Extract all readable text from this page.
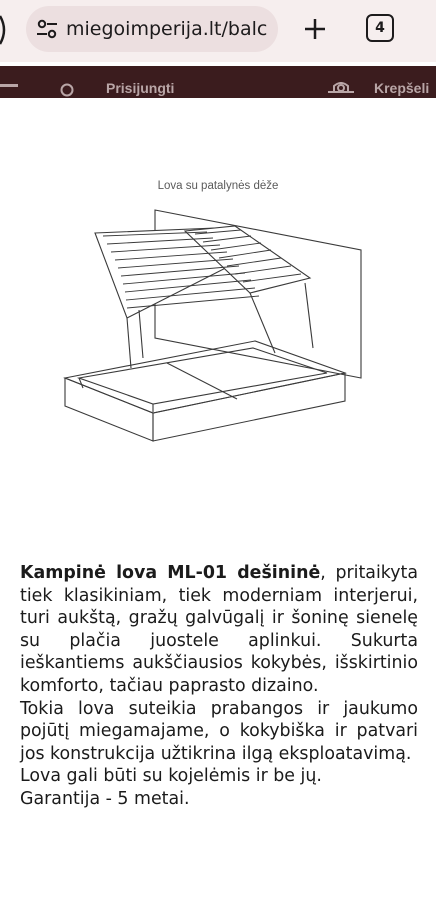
miegoimperija.lt/balc	4
Prisijungti	Krepšeli
Lova su patalynės dėže

Kampinė lova ML-01 dešininė, pritaikyta tiek klasikiniam, tiek moderniam interjerui, turi aukštą, gražų galvūgalį ir šoninę sienelę su plačia juostele aplinkui. Sukurta ieškantiems aukščiausios kokybės, išskirtinio komforto, tačiau paprasto dizaino.

Tokia lova suteikia prabangos ir jaukumo pojūtį miegamajame, o kokybiška ir patvari jos konstrukcija užtikrina ilgą eksploatavimą.

Lova gali būti su kojelėmis ir be jų.

Garantija - 5 metai.
